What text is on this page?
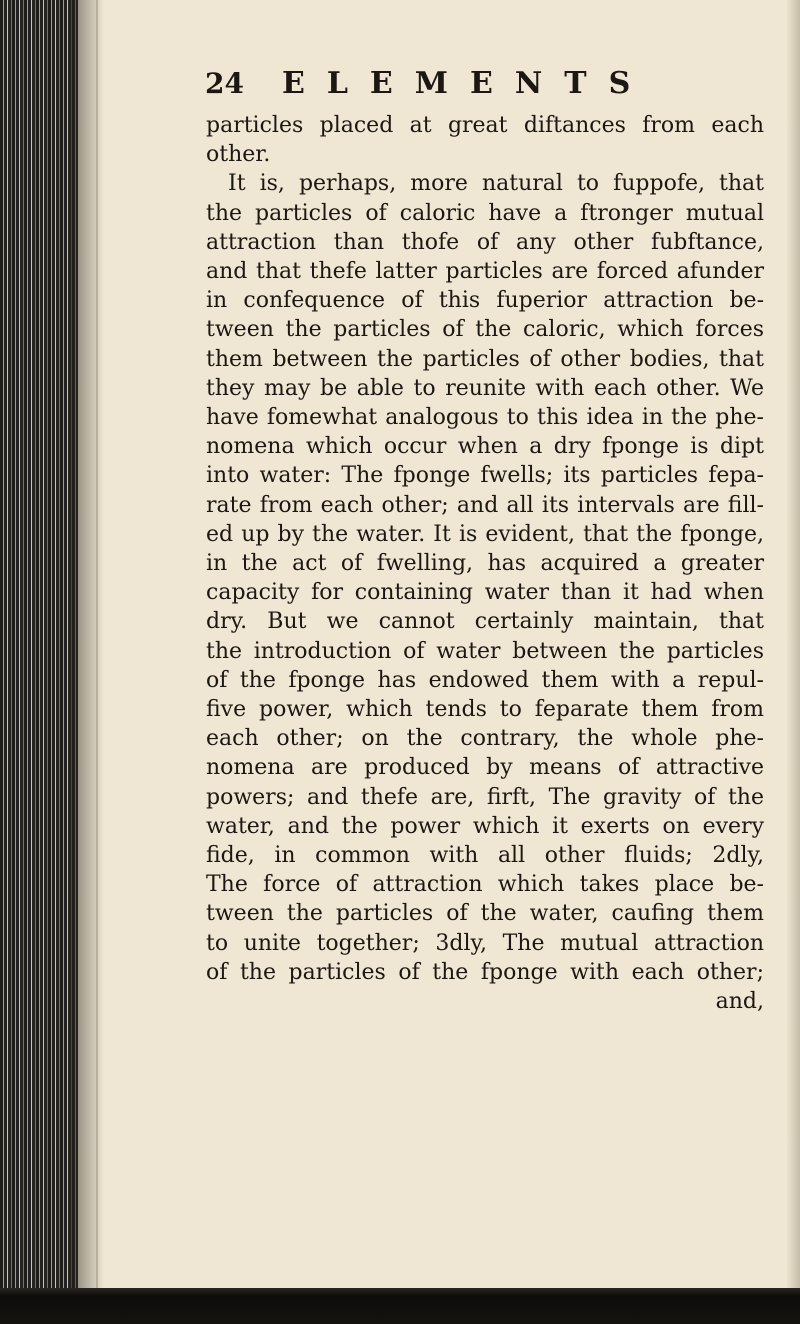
24 ELEMENTS
particles placed at great diftances from each
other.
It is, perhaps, more natural to fuppofe, that
the particles of caloric have a ftronger mutual
attraction than thofe of any other fubftance,
and that thefe latter particles are forced afunder
in confequence of this fuperior attraction be-
tween the particles of the caloric, which forces
them between the particles of other bodies, that
they may be able to reunite with each other. We
have fomewhat analogous to this idea in the phe-
nomena which occur when a dry fponge is dipt
into water: The fponge fwells; its particles fepa-
rate from each other; and all its intervals are fill-
ed up by the water. It is evident, that the fponge,
in the act of fwelling, has acquired a greater
capacity for containing water than it had when
dry. But we cannot certainly maintain, that
the introduction of water between the particles
of the fponge has endowed them with a repul-
five power, which tends to feparate them from
each other; on the contrary, the whole phe-
nomena are produced by means of attractive
powers; and thefe are, firft, The gravity of the
water, and the power which it exerts on every
fide, in common with all other fluids; 2dly,
The force of attraction which takes place be-
tween the particles of the water, caufing them
to unite together; 3dly, The mutual attraction
of the particles of the fponge with each other;
and,
